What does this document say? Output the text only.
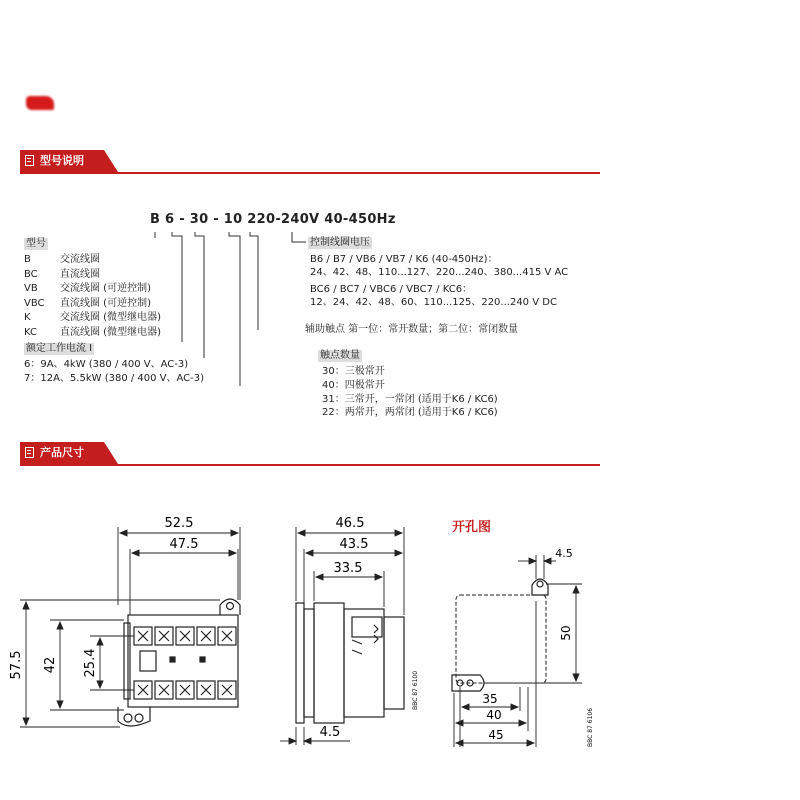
型号说明
B 6 - 30 - 10 220-240V 40-450Hz
型号
B	交流线圈
BC 直流线圈
VB 交流线圈 (可逆控制)
VBC 直流线圈 (可逆控制)
K	交流线圈 (微型继电器)
KC 直流线圈 (微型继电器)
额定工作电流 I
6：9A、4kW (380 / 400 V、AC-3)
7：12A、5.5kW (380 / 400 V、AC-3)
控制线圈电压
B6 / B7 / VB6 / VB7 / K6 (40-450Hz)：
24、42、48、110...127、220...240、380...415 V AC
BC6 / BC7 / VBC6 / VBC7 / KC6：
12、24、42、48、60、110...125、220...240 V DC
辅助触点 第一位：常开数量；第二位：常闭数量
触点数量
30：三极常开
40：四极常开
31：三常开，一常闭 (适用于K6 / KC6)
22：两常开，两常闭 (适用于K6 / KC6)
产品尺寸
52.5
47.5
57.5 42 25.4
46.5
43.5
33.5
4.5
BBC 87 6100
开孔图
4.5
50
35
40
45	BBC 87 6106
